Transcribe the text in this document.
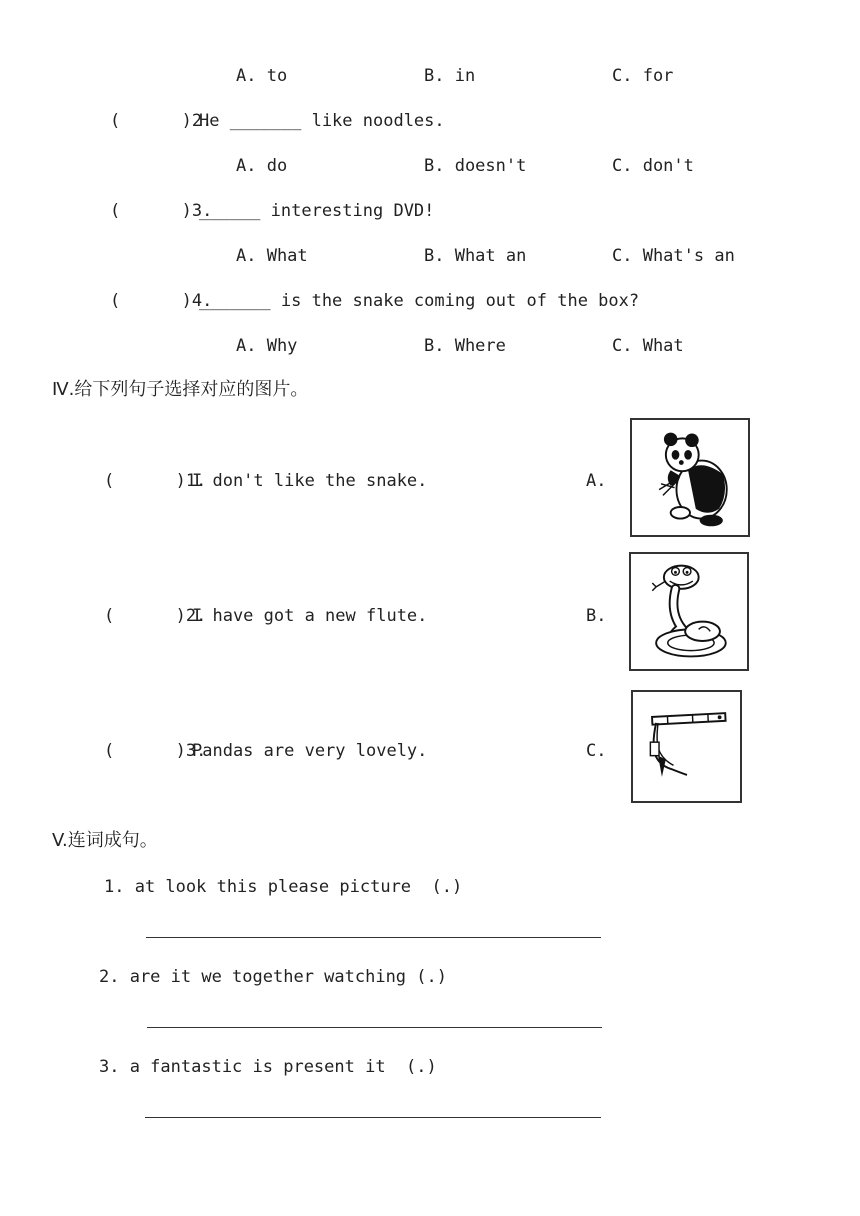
A. to	B. in	C. for
(      )2.
He _______ like noodles.
A. do	B. doesn't	C. don't
(      )3.
______ interesting DVD!
A. What	B. What an	C. What's an
(      )4.
_______ is the snake coming out of the box?
A. Why	B. Where	C. What
Ⅳ.给下列句子选择对应的图片。
(      )1.
I don't like the snake.	A.
(      )2.
I have got a new flute.	B.
(      )3.
Pandas are very lovely.	C.
V.连词成句。
1. at look this please picture  (.)
2. are it we together watching (.)
3. a fantastic is present it  (.)
